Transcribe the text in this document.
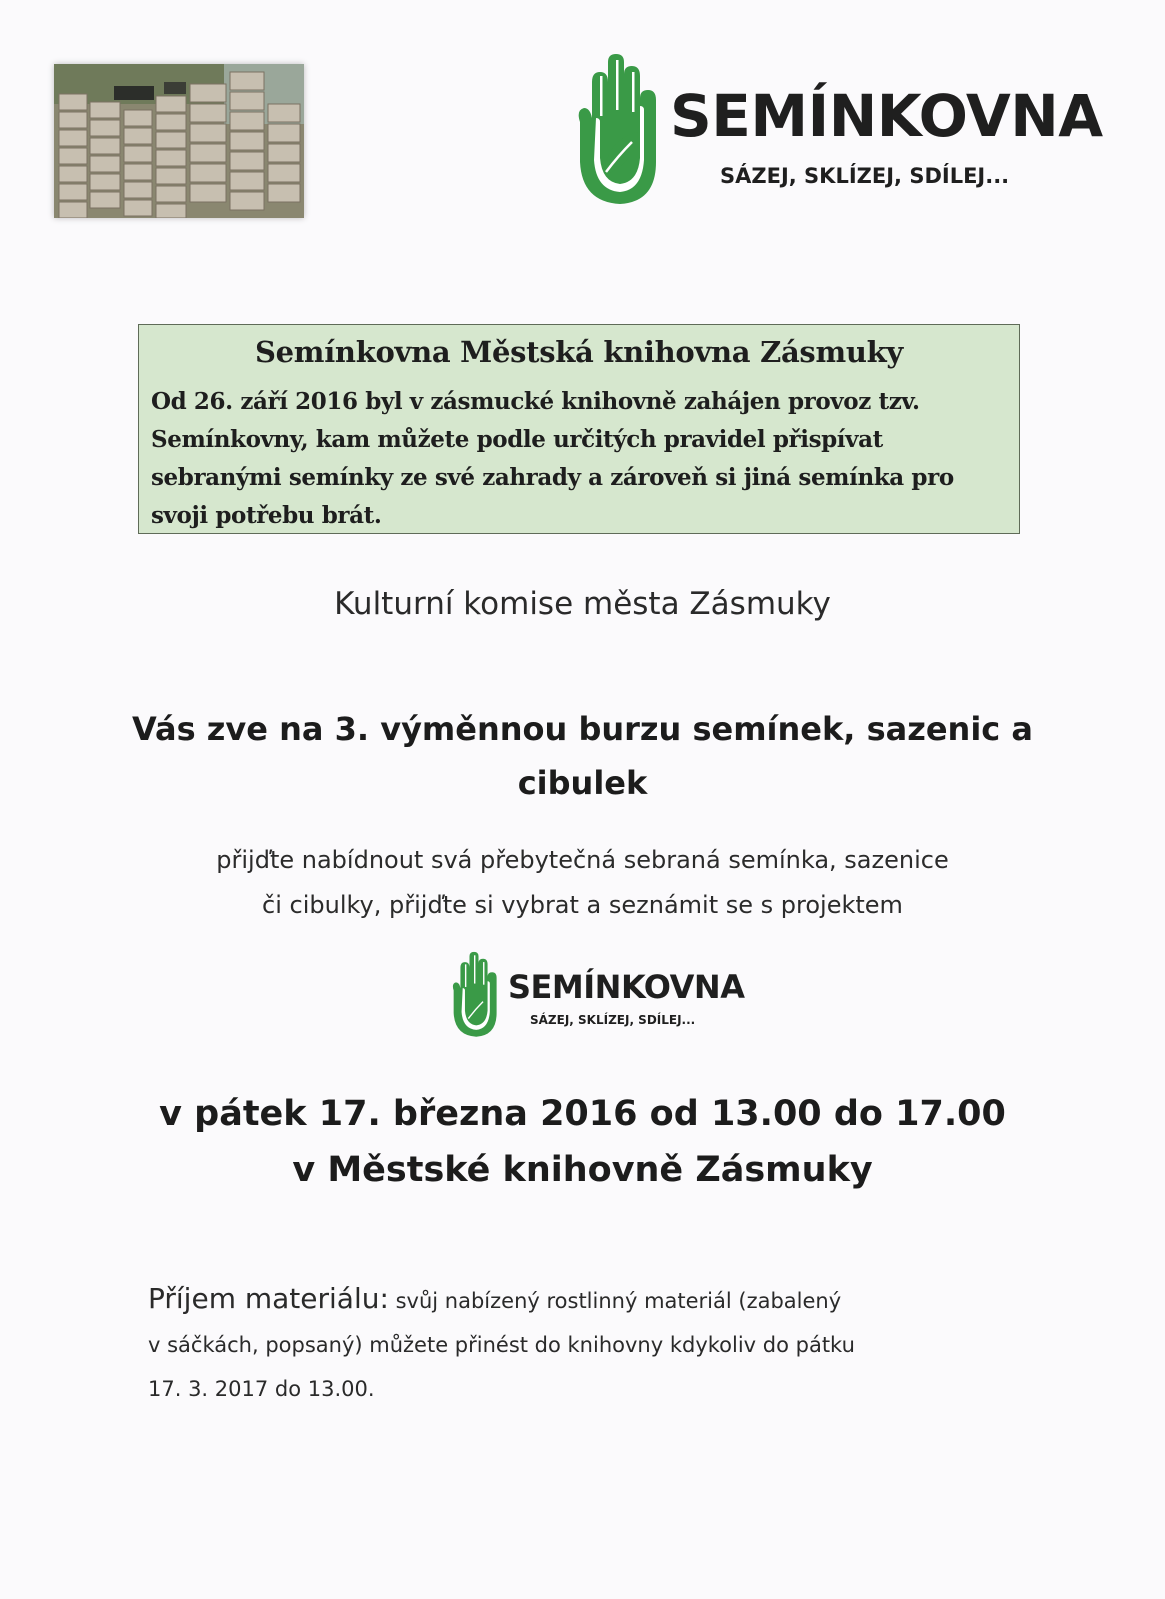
SEMÍNKOVNA
SÁZEJ, SKLÍZEJ, SDÍLEJ...
Semínkovna Městská knihovna Zásmuky
Od 26. září 2016 byl v zásmucké knihovně zahájen provoz tzv. Semínkovny, kam můžete podle určitých pravidel přispívat sebranými semínky ze své zahrady a zároveň si jiná semínka pro svoji potřebu brát.
Kulturní komise města Zásmuky
Vás zve na 3. výměnnou burzu semínek, sazenic a
cibulek
přijďte nabídnout svá přebytečná sebraná semínka, sazenice
či cibulky, přijďte si vybrat a seznámit se s projektem
SEMÍNKOVNA
SÁZEJ, SKLÍZEJ, SDÍLEJ...
v pátek 17. března 2016 od 13.00 do 17.00
v Městské knihovně Zásmuky
Příjem materiálu: svůj nabízený rostlinný materiál (zabalený
v sáčkách, popsaný) můžete přinést do knihovny kdykoliv do pátku
17. 3. 2017 do 13.00.
